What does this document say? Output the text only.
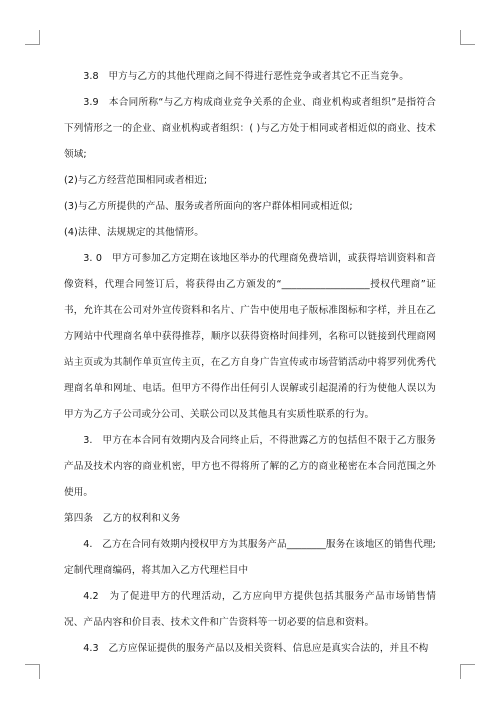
3.8　甲方与乙方的其他代理商之间不得进行恶性竞争或者其它不正当竞争。

3.9　本合同所称“与乙方构成商业竞争关系的企业、商业机构或者组织”是指符合下列情形之一的企业、商业机构或者组织：( )与乙方处于相同或者相近似的商业、技术领域;

(2)与乙方经营范围相同或者相近;

(3)与乙方所提供的产品、服务或者所面向的客户群体相同或相近似;

(4)法律、法规规定的其他情形。

3. 0　甲方可参加乙方定期在该地区举办的代理商免费培训，或获得培训资料和音像资料，代理合同签订后，将获得由乙方颁发的“__________________授权代理商”证书，允许其在公司对外宣传资料和名片、广告中使用电子版标准图标和字样，并且在乙方网站中代理商名单中获得推荐，顺序以获得资格时间排列，名称可以链接到代理商网站主页或为其制作单页宣传主页，在乙方自身广告宣传或市场营销活动中将罗列优秀代理商名单和网址、电话。但甲方不得作出任何引人误解或引起混淆的行为使他人误以为甲方为乙方子公司或分公司、关联公司以及其他具有实质性联系的行为。

3.　甲方在本合同有效期内及合同终止后，不得泄露乙方的包括但不限于乙方服务产品及技术内容的商业机密，甲方也不得将所了解的乙方的商业秘密在本合同范围之外使用。

第四条　乙方的权利和义务

4.　乙方在合同有效期内授权甲方为其服务产品________服务在该地区的销售代理;定制代理商编码，将其加入乙方代理栏目中

4.2　为了促进甲方的代理活动，乙方应向甲方提供包括其服务产品市场销售情况、产品内容和价目表、技术文件和广告资料等一切必要的信息和资料。

4.3　乙方应保证提供的服务产品以及相关资料、信息应是真实合法的，并且不构
